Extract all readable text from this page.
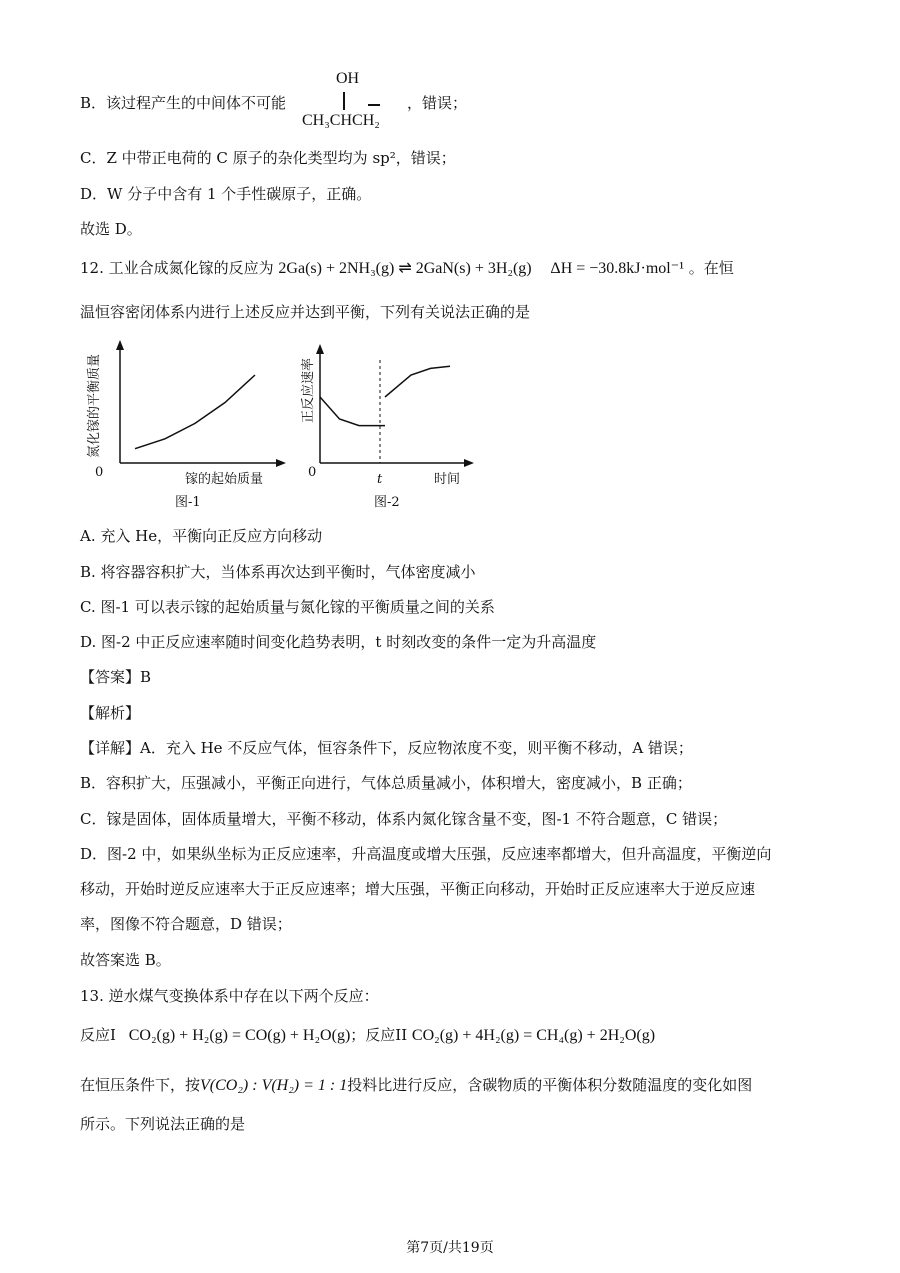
B．该过程产生的中间体不可能
OH
CH₃CHCH₂
，错误；
C．Z 中带正电荷的 C 原子的杂化类型均为 sp²，错误；
D．W 分子中含有 1 个手性碳原子，正确。
故选 D。
12. 工业合成氮化镓的反应为 2Ga(s) + 2NH₃(g) ⇌ 2GaN(s) + 3H₂(g) ΔH = −30.8kJ·mol⁻¹ 。在恒
温恒容密闭体系内进行上述反应并达到平衡，下列有关说法正确的是
0	镓的起始质量
氮化镓的平衡质量
图-1
0	t	时间
正反应速率
图-2
A. 充入 He，平衡向正反应方向移动
B. 将容器容积扩大，当体系再次达到平衡时，气体密度减小
C. 图-1 可以表示镓的起始质量与氮化镓的平衡质量之间的关系
D. 图-2 中正反应速率随时间变化趋势表明，t 时刻改变的条件一定为升高温度
【答案】B
【解析】
【详解】A．充入 He 不反应气体，恒容条件下，反应物浓度不变，则平衡不移动，A 错误；
B．容积扩大，压强减小，平衡正向进行，气体总质量减小，体积增大，密度减小，B 正确；
C．镓是固体，固体质量增大，平衡不移动，体系内氮化镓含量不变，图-1 不符合题意，C 错误；
D．图-2 中，如果纵坐标为正反应速率，升高温度或增大压强，反应速率都增大，但升高温度，平衡逆向
移动，开始时逆反应速率大于正反应速率；增大压强，平衡正向移动，开始时正反应速率大于逆反应速
率，图像不符合题意，D 错误；
故答案选 B。
13. 逆水煤气变换体系中存在以下两个反应：
反应I CO₂(g) + H₂(g) = CO(g) + H₂O(g)；反应II CO₂(g) + 4H₂(g) = CH₄(g) + 2H₂O(g)
在恒压条件下，按V(CO₂) : V(H₂) = 1 : 1投料比进行反应，含碳物质的平衡体积分数随温度的变化如图
所示。下列说法正确的是
第7页/共19页
